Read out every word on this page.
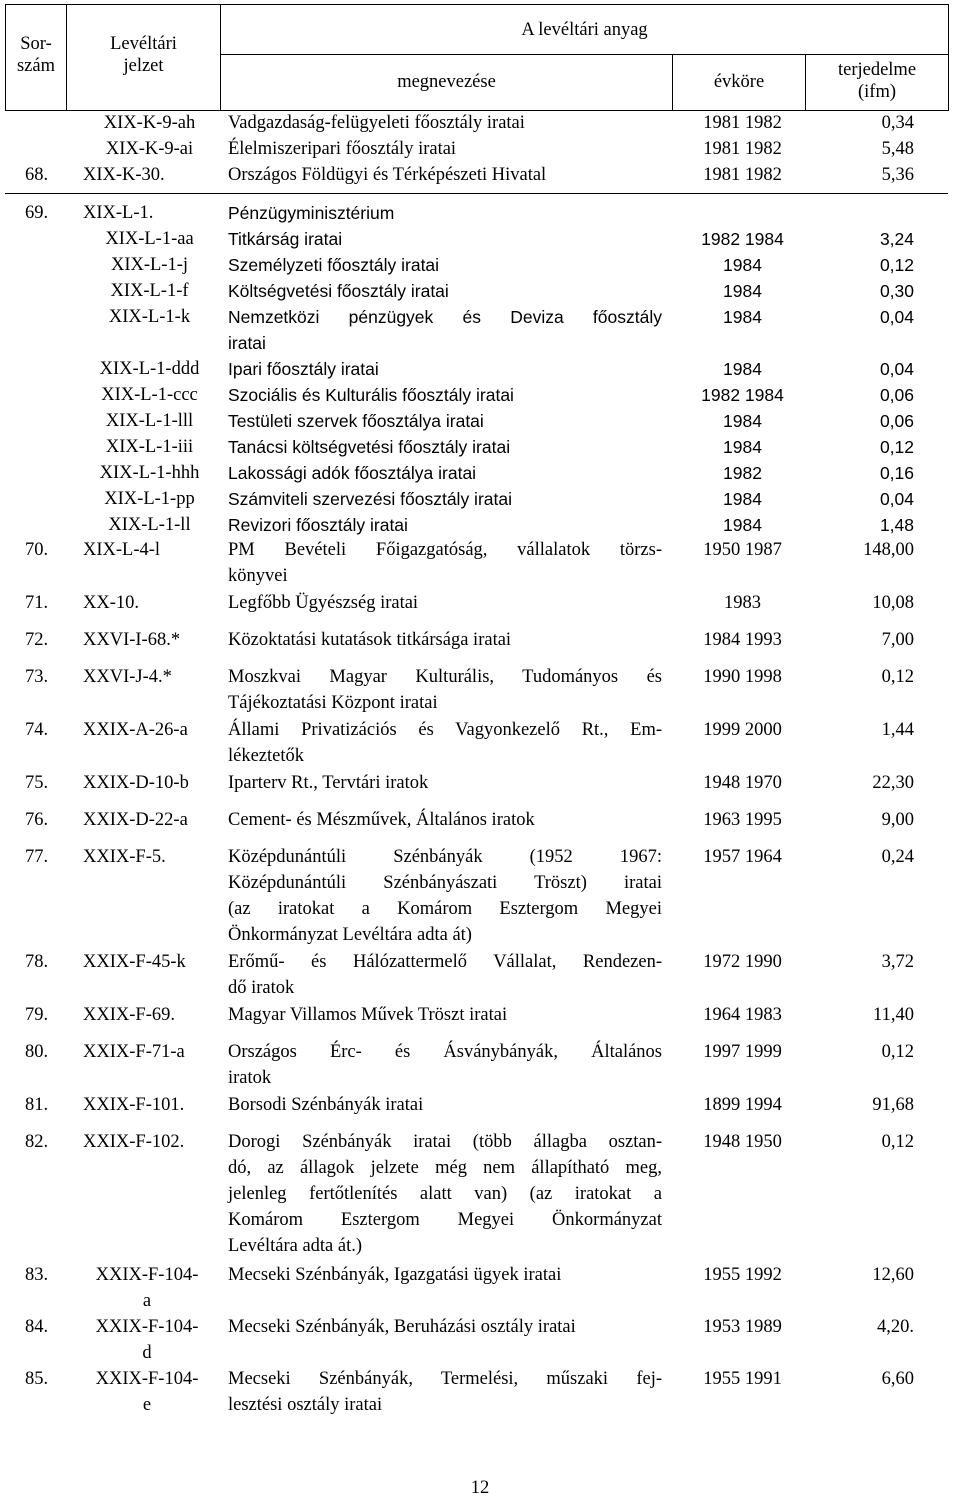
Sor-
szám	Levéltári
jelzet	A levéltári anyag		

		megnevezése	évköre	terjedelme
(ifm)
XIX-K-9-ah	Vadgazdaság-felügyeleti főosztály iratai	1981 1982	0,34
XIX-K-9-ai	Élelmiszeripari főosztály iratai	1981 1982	5,48
68. XIX-K-30.	Országos Földügyi és Térképészeti Hivatal	1981 1982	5,36
69. XIX-L-1.	Pénzügyminisztérium
XIX-L-1-aa	Titkárság iratai	1982 1984	3,24
XIX-L-1-j	Személyzeti főosztály iratai	1984	0,12
XIX-L-1-f	Költségvetési főosztály iratai	1984	0,30
XIX-L-1-k	Nemzetközi pénzügyek és Deviza főosztály
iratai
1984	0,04
XIX-L-1-ddd	Ipari főosztály iratai	1984	0,04
XIX-L-1-ccc	Szociális és Kulturális főosztály iratai	1982 1984	0,06
XIX-L-1-lll	Testületi szervek főosztálya iratai	1984	0,06
XIX-L-1-iii	Tanácsi költségvetési főosztály iratai	1984	0,12
XIX-L-1-hhh	Lakossági adók főosztálya iratai	1982	0,16
XIX-L-1-pp	Számviteli szervezési főosztály iratai	1984	0,04
XIX-L-1-ll	Revizori főosztály iratai	1984	1,48
70. XIX-L-4-l	PM Bevételi Főigazgatóság, vállalatok törzs-
könyvei
1950 1987	148,00
71. XX-10.	Legfőbb Ügyészség iratai	1983	10,08
72. XXVI-I-68.*	Közoktatási kutatások titkársága iratai	1984 1993	7,00
73. XXVI-J-4.*	Moszkvai Magyar Kulturális, Tudományos és
Tájékoztatási Központ iratai
1990 1998	0,12
74. XXIX-A-26-a Állami Privatizációs és Vagyonkezelő Rt., Em-
lékeztetők
1999 2000	1,44
75. XXIX-D-10-b Iparterv Rt., Tervtári iratok	1948 1970	22,30
76. XXIX-D-22-a Cement- és Mészművek, Általános iratok	1963 1995	9,00
77. XXIX-F-5.	Középdunántúli Szénbányák (1952 1967:
Középdunántúli Szénbányászati Tröszt) iratai
(az iratokat a Komárom Esztergom Megyei
Önkormányzat Levéltára adta át)
1957 1964	0,24
78. XXIX-F-45-k Erőmű- és Hálózattermelő Vállalat, Rendezen-
dő iratok
1972 1990	3,72
79. XXIX-F-69.	Magyar Villamos Művek Tröszt iratai	1964 1983	11,40
80. XXIX-F-71-a Országos Érc- és Ásványbányák, Általános
iratok
1997 1999	0,12
81. XXIX-F-101. Borsodi Szénbányák iratai	1899 1994	91,68
82. XXIX-F-102. Dorogi Szénbányák iratai (több állagba osztan-
dó, az állagok jelzete még nem állapítható meg,
jelenleg fertőtlenítés alatt van) (az iratokat a
Komárom Esztergom Megyei Önkormányzat
Levéltára adta át.)
1948 1950	0,12
83.	XXIX-F-104-
a
Mecseki Szénbányák, Igazgatási ügyek iratai	1955 1992	12,60
84.	XXIX-F-104-
d
Mecseki Szénbányák, Beruházási osztály iratai	1953 1989	4,20.
85.	XXIX-F-104-
e
Mecseki Szénbányák, Termelési, műszaki fej-
lesztési osztály iratai
1955 1991	6,60
12
